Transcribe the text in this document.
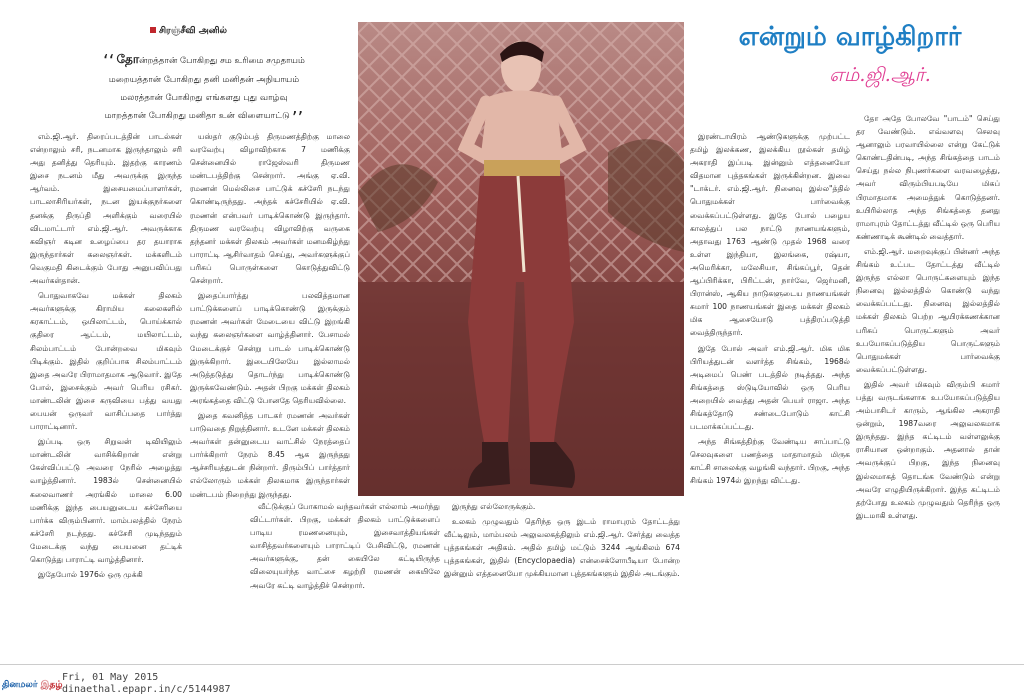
சிரஞ்சீவி அனில்
‘‘ தோன்றத்தான் போகிறது சம உரிமை சமுதாயம்
மறையத்தான் போகிறது தனி மனிதன் அநியாயம்
மலரத்தான் போகிறது எங்களது புது வாழ்வு
மாறத்தான் போகிறது மனிதா உன் விளையாட்டு ’’

எம்.ஜி.ஆர். திரைப்படத்தின் பாடல்கள் என்றாலும் சரி, நடனமாக இருந்தாலும் சரி அது தனித்து தெரியும். இதற்கு காரணம் இசை நடனம் மீது அவருக்கு இருந்த ஆர்வம். இசையமைப்பாளர்கள், பாடலாசிரியர்கள், நடன இயக்குநர்களை தனக்கு திருப்தி அளிக்கும் வரையில் விடமாட்டார் எம்.ஜி.ஆர். அவருக்காக கவிஞர் கடின உழைப்பை தர தயாராக இருந்தார்கள் கலைஞர்கள். மக்களிடம் வெகுமதி கிடைக்கும் போது அனுபவிப்பது அவர்கள்தான்.

பொதுவாகவே மக்கள் திலகம் அவர்களுக்கு கிராமிய கலைகளில் கரகாட்டம், ஒயிலாட்டம், பொய்க்கால் குதிரை ஆட்டம், மயிலாட்டம், சிலம்பாட்டம் போன்றவை மிகவும் பிடிக்கும். இதில் குறிப்பாக சிலம்பாட்டம் இதை அவரே பிராமாதமாக ஆடுவார். இதே போல், இசைக்கும் அவர் பெரிய ரசிகர். மாண்டலின் இசை கருவியை பத்து வயது பையன் ஒருவர் வாசிப்பதை பார்த்து பாராட்டினார்.

இப்படி ஒரு சிறுவன் டிவியிலும் மாண்டலின் வாசிக்கிறான் என்று கேள்விப்பட்டு அவரை நேரில் அழைத்து வாழ்த்தினார். 1983ல் சென்னையில் கலைவாணர் அரங்கில் மாலை 6.00 மணிக்கு இந்த பையனுடைய கச்சேரியை பார்க்க விரும்பினார். மாம்பலத்தில் நேரம் கச்சேரி நடந்தது. கச்சேரி முடிந்ததும் மேடைக்கு வந்து பையனை தட்டிக் கொடுத்து பாராட்டி வாழ்த்தினார்.

இதேபோல் 1976ல் ஒரு முக்கி

யஸ்தர் குடும்பத் திருமணத்திற்கு மாலை வரவேற்பு விழாவிற்காக 7 மணிக்கு சென்னையில் ராஜேஸ்வரி திருமண மண்டபத்திற்கு சென்றார். அங்கு ஏ.வி. ரமணன் மெல்லிசை பாட்டுக் கச்சேரி நடந்து கொண்டிருந்தது. அந்தக் கச்சேரியில் ஏ.வி. ரமணன் என்பவர் பாடிக்கொண்டு இருந்தார். திருமண வரவேற்பு விழாவிற்கு வருகை தந்தனர் மக்கள் திலகம் அவர்கள் மனமகிழ்ந்து பாராட்டி ஆசிர்வாதம் செய்து, அவர்களுக்குப் பரிசுப் பொருள்களை கொடுத்துவிட்டு சென்றார்.

இதைப்பார்த்து பலவித்தமான பாட்டுக்களைப் பாடிக்கொண்டு இருக்கும் ரமணன் அவர்கள் மேடையை விட்டு இறங்கி வந்து கலைஞர்களை வாழ்த்தினார். பேசாமல் மேடைக்குச் சென்று பாடல் பாடிக்கொண்டு இருக்கிறார். இடையிலேயே இல்லாமல் அடுத்தடுத்து தொடர்ந்து பாடிக்கொண்டு இருக்கவேண்டும். அதன் பிறகு மக்கள் திலகம் அரங்கத்தை விட்டு போனதே தெரியவில்லை.

இதை கவனித்த பாடகர் ரமணன் அவர்கள் பாடுவதை நிறுத்தினார். உடனே மக்கள் திலகம் அவர்கள் தன்னுடைய வாட்சில் நேரத்தைப் பார்க்கிறார் நேரம் 8.45 ஆக இருந்தது ஆச்சரியத்துடன் நின்றார். திரும்பிப் பார்த்தார் எல்லோரும் மக்கள் திலகமாக இருந்தார்கள் மண்டபம் நிறைந்து இருந்தது.

வீட்டுக்குப் போகாமல் வந்தவர்கள் எல்லாம் அமர்ந்து விட்டார்கள். பிறகு, மக்கள் திலகம் பாட்டுக்களைப் பாடிய ரமணனையும், இசைவாத்தியங்கள் வாசித்தவர்களையும் பாராட்டிப் பேசிவிட்டு, ரமணன் அவர்களுக்கு, தன் கையிலே கட்டியிருந்த விலையுயர்ந்த வாட்சை கழற்றி ரமணன் கையிலே அவரே கட்டி வாழ்த்திச் சென்றார்.

இருந்து எல்லோருக்கும்.

உலகம் முழுவதும் தெரிந்த ஒரு இடம் ராமாபுரம் தோட்டத்து வீட்டிலும், மாம்பலம் அலுவலகத்திலும் எம்.ஜி.ஆர். சேர்த்து வைத்த புத்தகங்கள் அதிகம். அதில் தமிழ் மட்டும் 3244 ஆங்கிலம் 674 புத்தகங்கள், இதில் (Encyclopaedia) என்சைக்ளோபீடியா போன்ற இன்னும் எத்தனையோ முக்கியமான புத்தகங்களும் இதில் அடங்கும்.

என்றும் வாழ்கிறார்
எம்.ஜி.ஆர்.

இரண்டாயிரம் ஆண்டுகளுக்கு முற்பட்ட தமிழ் இலக்கண, இலக்கிய நூல்கள் தமிழ் அகராதி இப்படி இன்னும் எத்தனையோ விதமான புத்தகங்கள் இருக்கின்றன. இவை "டாக்டர். எம்.ஜி.ஆர். நினைவு இல்ல"த்தில் பொதுமக்கள் பார்வைக்கு வைக்கப்பட்டுள்ளது. இதே போல் பழைய காலத்துப் பல நாட்டு நாணயங்களும், அதாவது 1763 ஆண்டு முதல் 1968 வரை உள்ள இந்தியா, இலங்கை, ரஷ்யா, அமெரிக்கா, மலேசியா, சிங்கப்பூர், தென் ஆப்பிரிக்கா, பிரிட்டன், நார்வே, ஜெர்மனி, பிரான்ஸ், ஆகிய நாடுகளுடைய நாணயங்கள் சுமார் 100 நாணயங்கள் இதை மக்கள் திலகம் மிக ஆசையோடு பத்திரப்படுத்தி வைத்திருந்தார்.

இதே போல் அவர் எம்.ஜி.ஆர். மிக மிக பிரியத்துடன் வளர்த்த சிங்கம், 1968ல் அடிமைப் பெண் படத்தில் நடித்தது. அந்த சிங்கத்தை ஸ்டுடியோவில் ஒரு பெரிய அறையில் வைத்து அதன் பெயர் ராஜா. அந்த சிங்கத்தோடு சண்டைபோடும் காட்சி படமாக்கப்பட்டது.

அந்த சிங்கத்திற்கு வேண்டிய சாப்பாட்டு செலவுகளை பணத்தை மாதாமாதம் மிருக காட்சி சாலைக்கு வழங்கி வந்தார். பிறகு, அந்த சிங்கம் 1974ல் இறந்து விட்டது.

தோ அதே போலவே "பாடம்" செய்து தர வேண்டும். எவ்வளவு செலவு ஆனாலும் பரவாயில்லை என்று கேட்டுக் கொண்டதின்படி, அந்த சிங்கத்தை பாடம் செய்து நல்ல நிபுணர்களை வரவழைத்து, அவர் விரும்பியபடியே மிகப் பிரமாதமாக அமைத்துக் கொடுத்தனர். உயிரில்லாத அந்த சிங்கத்தை தனது ராமாபுரம் தோட்டத்து வீட்டில் ஒரு பெரிய கண்ணாடிக் கூண்டில் வைத்தார்.

எம்.ஜி.ஆர். மறைவுக்குப் பின்னர் அந்த சிங்கம் உட்பட தோட்டத்து வீட்டில் இருந்த எல்லா பொருட்களையும் இந்த நினைவு இல்லத்தில் கொண்டு வந்து வைக்கப்பட்டது. நினைவு இல்லத்தில் மக்கள் திலகம் பெற்ற ஆயிரக்கணக்கான பரிசுப் பொருட்களும் அவர் உபயோகப்படுத்திய பொருட்களும் பொதுமக்கள் பார்வைக்கு வைக்கப்பட்டுள்ளது.

இதில் அவர் மிகவும் விரும்பி சுமார் பத்து வருடங்களாக உபயோகப்படுத்திய அம்பாசிடர் காரும், ஆங்கில அகராதி ஒன்றும், 1987வரை அலுவலகமாக இருந்தது. இந்த கட்டிடம் வள்ளலுக்கு ராசியான ஒன்றாகும். அதனால் தான் அவருக்குப் பிறகு, இந்த நினைவு இல்லமாகத் தொடங்க வேண்டும் என்று அவரே எழுதியிருக்கிறார். இந்த கட்டிடம் தற்போது உலகம் முழுவதும் தெரிந்த ஒரு இடமாகி உள்ளது.

தினமலர் இதழ்
Fri, 01 May 2015
dinaethal.epapr.in/c/5144987
